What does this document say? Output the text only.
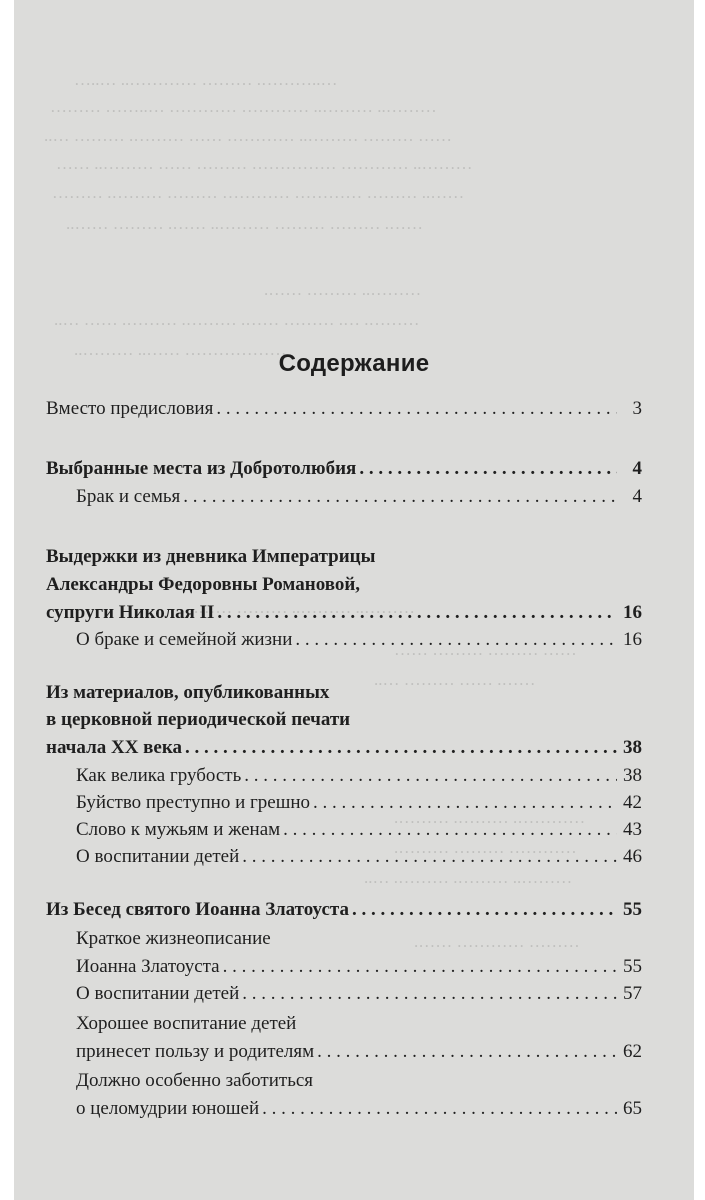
…..………. ……… ………….. …..…
……….. ……….. ………… ………… …..…… ………
…… ……… ……….. ………… …… ………. ……… …..
……….. ………… …………… ……… …… ……….. ……
…….. ……… ………… ………… ……… ………. ………
……. ……… ……… ……….. ……. ……… ……..
……….. ……… …….
………. …. ……… ……. ………. ………. …… …..
……………… …….. ………..
……….. ……….. ……… …….
…… ……… ……… ……
……. …… ……… …..
…………. ………. ……….
………… ……… ……….
……….. ………. ………. …..
……… ………… …….
Содержание
Вместо предисловия . . .	3
Выбранные места из Добротолюбия . . .	4
Брак и семья . . .	4
Выдержки из дневника Императрицы
Александры Федоровны Романовой,
супруги Николая II . . .	16
О браке и семейной жизни . . .	16
Из материалов, опубликованных
в церковной периодической печати
начала XX века . . .	38
Как велика грубость . . .	38
Буйство преступно и грешно . . .	42
Слово к мужьям и женам . . .	43
О воспитании детей . . .	46
Из Бесед святого Иоанна Златоуста . . .	55
Краткое жизнеописание
Иоанна Златоуста . . .	55
О воспитании детей . . .	57
Хорошее воспитание детей
принесет пользу и родителям . . .	62
Должно особенно заботиться
о целомудрии юношей . . .	65
